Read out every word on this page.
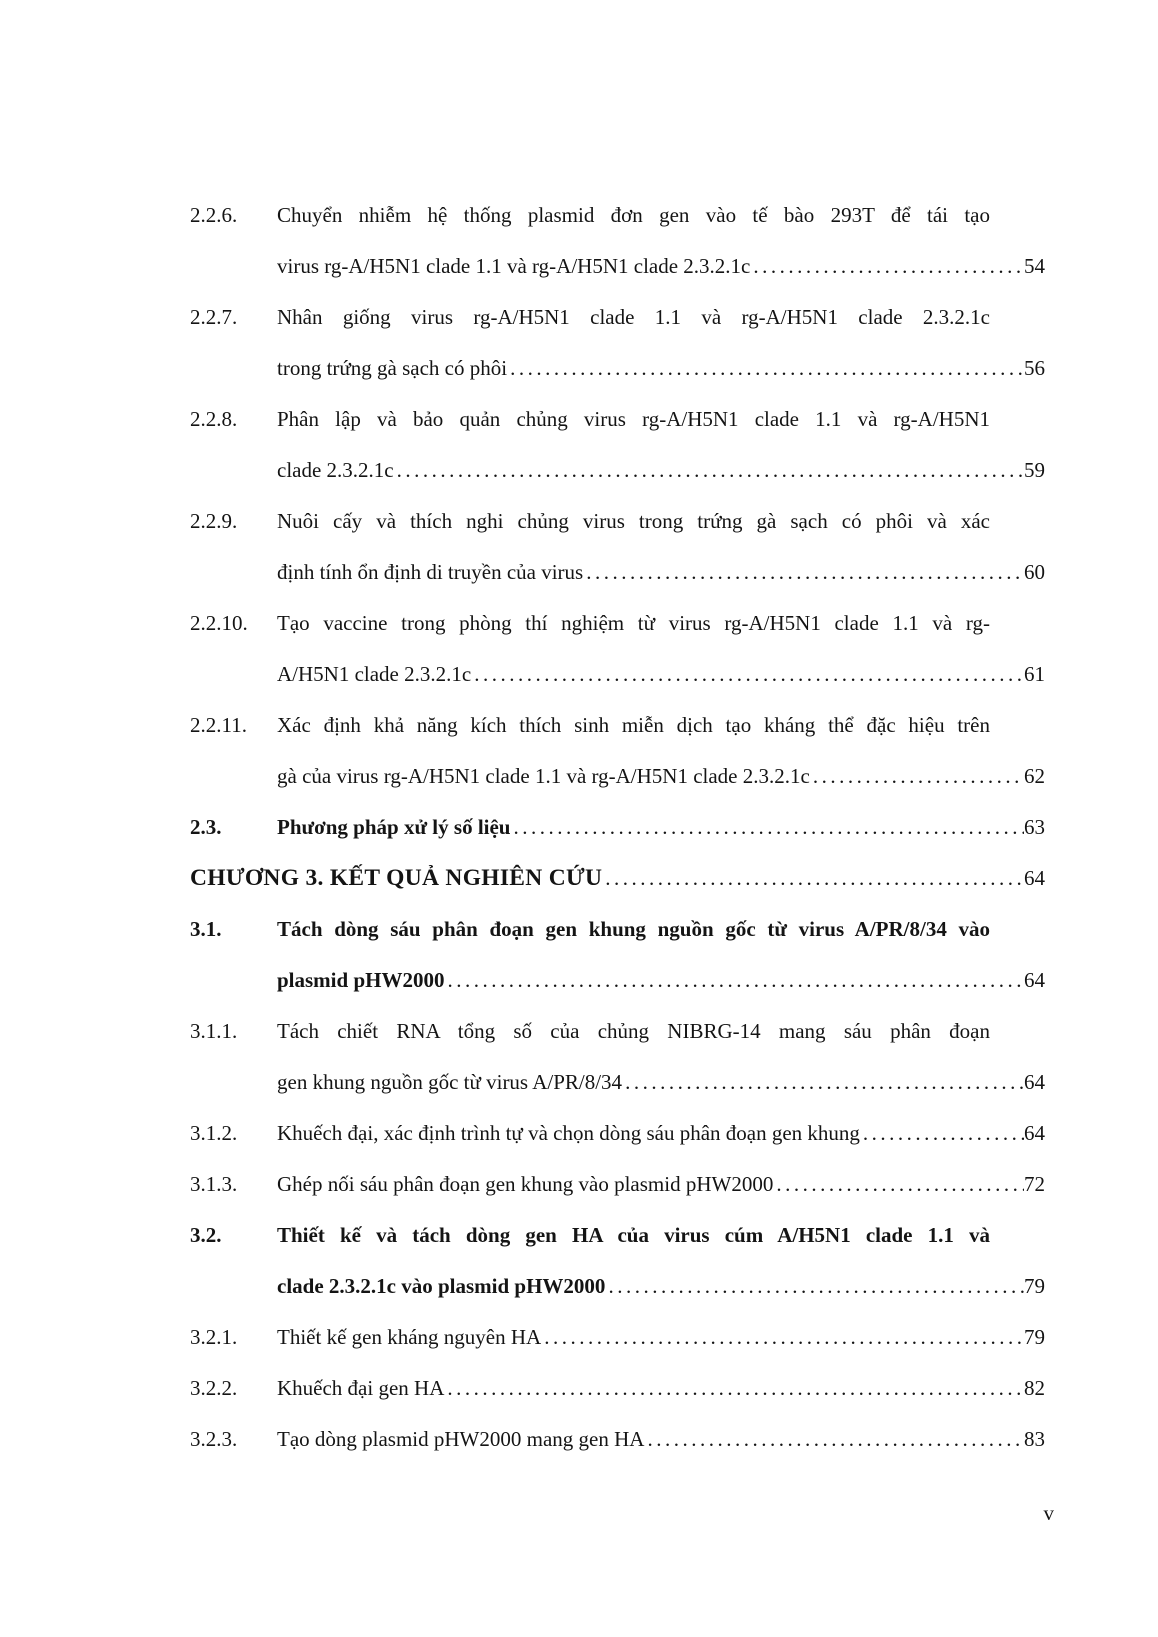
2.2.6. Chuyển nhiễm hệ thống plasmid đơn gen vào tế bào 293T để tái tạo
virus rg-A/H5N1 clade 1.1 và rg-A/H5N1 clade 2.3.2.1c .....	54
2.2.7. Nhân giống virus rg-A/H5N1 clade 1.1 và rg-A/H5N1 clade 2.3.2.1c
trong trứng gà sạch có phôi .....	56
2.2.8. Phân lập và bảo quản chủng virus rg-A/H5N1 clade 1.1 và rg-A/H5N1
clade 2.3.2.1c .....	59
2.2.9. Nuôi cấy và thích nghi chủng virus trong trứng gà sạch có phôi và xác
định tính ổn định di truyền của virus .....	60
2.2.10. Tạo vaccine trong phòng thí nghiệm từ virus rg-A/H5N1 clade 1.1 và rg-
A/H5N1 clade 2.3.2.1c .....	61
2.2.11. Xác định khả năng kích thích sinh miễn dịch tạo kháng thể đặc hiệu trên
gà của virus rg-A/H5N1 clade 1.1 và rg-A/H5N1 clade 2.3.2.1c .....	62
2.3.	Phương pháp xử lý số liệu .....	63
CHƯƠNG 3. KẾT QUẢ NGHIÊN CỨU .....	64
3.1.	Tách dòng sáu phân đoạn gen khung nguồn gốc từ virus A/PR/8/34 vào
plasmid pHW2000 .....	64
3.1.1. Tách chiết RNA tổng số của chủng NIBRG-14 mang sáu phân đoạn
gen khung nguồn gốc từ virus A/PR/8/34 .....	64
3.1.2. Khuếch đại, xác định trình tự và chọn dòng sáu phân đoạn gen khung .....	64
3.1.3. Ghép nối sáu phân đoạn gen khung vào plasmid pHW2000 .....	72
3.2.	Thiết kế và tách dòng gen HA của virus cúm A/H5N1 clade 1.1 và
clade 2.3.2.1c vào plasmid pHW2000 .....	79
3.2.1. Thiết kế gen kháng nguyên HA .....	79
3.2.2. Khuếch đại gen HA .....	82
3.2.3. Tạo dòng plasmid pHW2000 mang gen HA .....	83
v
